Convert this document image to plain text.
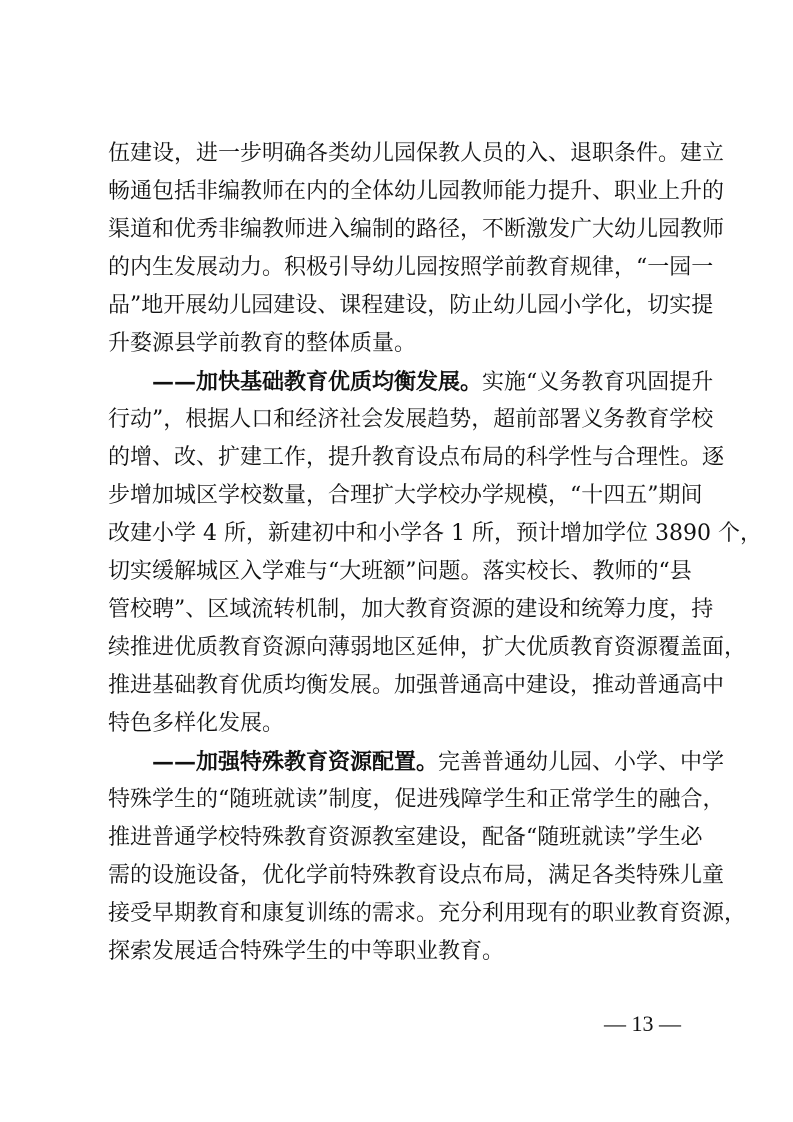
伍建设，进一步明确各类幼儿园保教人员的入、退职条件。建立
畅通包括非编教师在内的全体幼儿园教师能力提升、职业上升的
渠道和优秀非编教师进入编制的路径，不断激发广大幼儿园教师
的内生发展动力。积极引导幼儿园按照学前教育规律，“一园一
品”地开展幼儿园建设、课程建设，防止幼儿园小学化，切实提
升婺源县学前教育的整体质量。
——加快基础教育优质均衡发展。实施“义务教育巩固提升
行动”，根据人口和经济社会发展趋势，超前部署义务教育学校
的增、改、扩建工作，提升教育设点布局的科学性与合理性。逐
步增加城区学校数量，合理扩大学校办学规模，“十四五”期间
改建小学 4 所，新建初中和小学各 1 所，预计增加学位 3890 个，
切实缓解城区入学难与“大班额”问题。落实校长、教师的“县
管校聘”、区域流转机制，加大教育资源的建设和统筹力度，持
续推进优质教育资源向薄弱地区延伸，扩大优质教育资源覆盖面，
推进基础教育优质均衡发展。加强普通高中建设，推动普通高中
特色多样化发展。
——加强特殊教育资源配置。完善普通幼儿园、小学、中学
特殊学生的“随班就读”制度，促进残障学生和正常学生的融合，
推进普通学校特殊教育资源教室建设，配备“随班就读”学生必
需的设施设备，优化学前特殊教育设点布局，满足各类特殊儿童
接受早期教育和康复训练的需求。充分利用现有的职业教育资源，
探索发展适合特殊学生的中等职业教育。
— 13 —
